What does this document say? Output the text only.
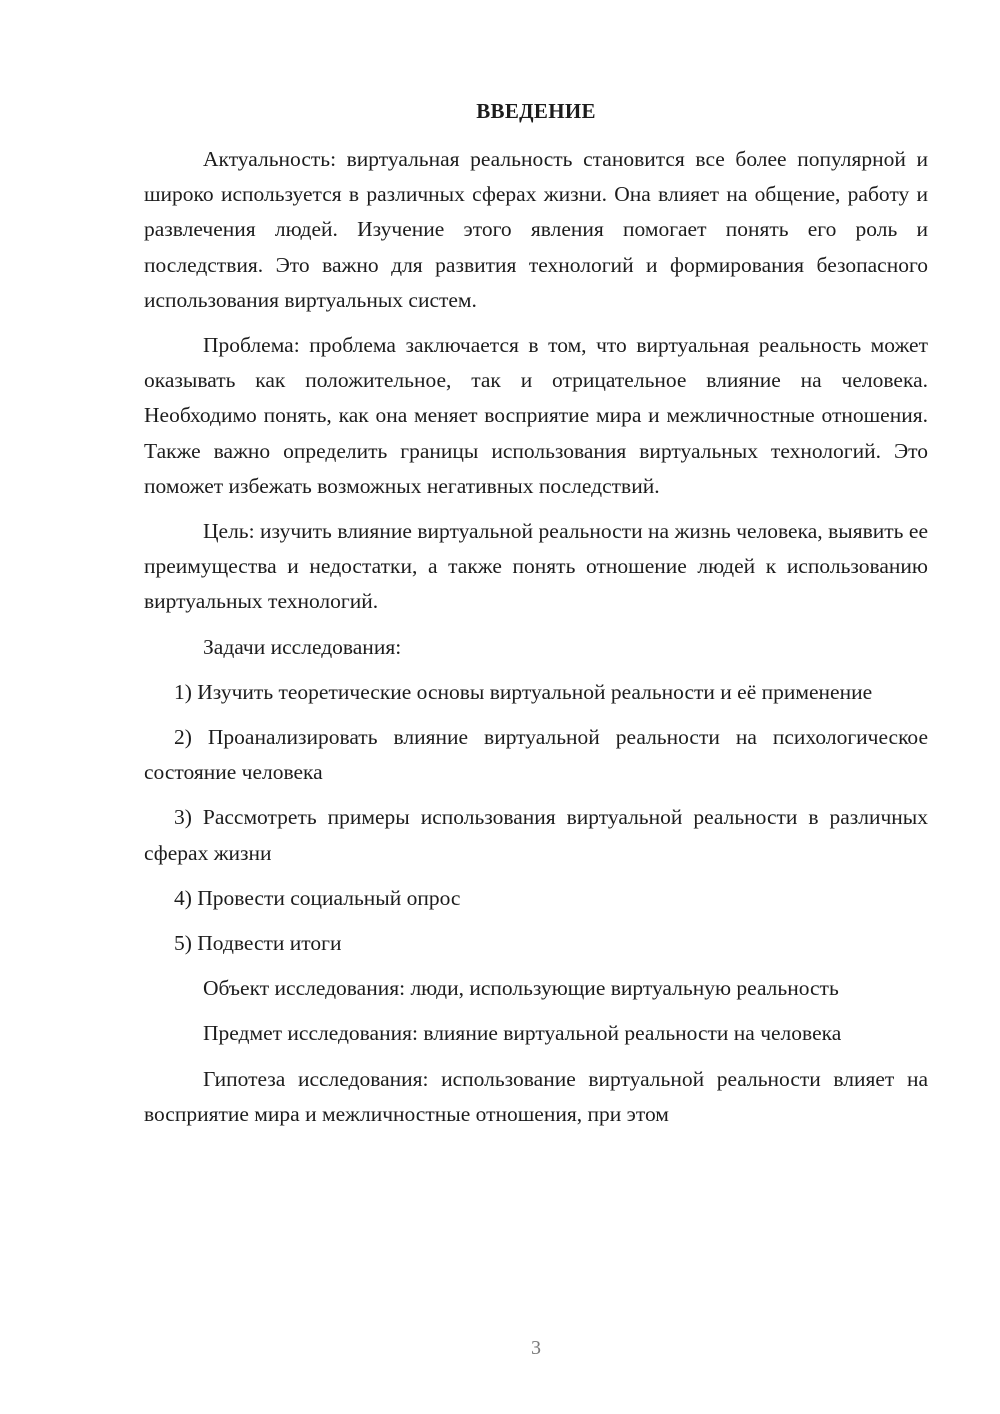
ВВЕДЕНИЕ

Актуальность: виртуальная реальность становится все более популярной и широко используется в различных сферах жизни. Она влияет на общение, работу и развлечения людей. Изучение этого явления помогает понять его роль и последствия. Это важно для развития технологий и формирования безопасного использования виртуальных систем.

Проблема: проблема заключается в том, что виртуальная реальность может оказывать как положительное, так и отрицательное влияние на человека. Необходимо понять, как она меняет восприятие мира и межличностные отношения. Также важно определить границы использования виртуальных технологий. Это поможет избежать возможных негативных последствий.

Цель: изучить влияние виртуальной реальности на жизнь человека, выявить ее преимущества и недостатки, а также понять отношение людей к использованию виртуальных технологий.

Задачи исследования:

1) Изучить теоретические основы виртуальной реальности и её применение

2) Проанализировать влияние виртуальной реальности на психологическое состояние человека

3) Рассмотреть примеры использования виртуальной реальности в различных сферах жизни

4) Провести социальный опрос

5) Подвести итоги

Объект исследования: люди, использующие виртуальную реальность

Предмет исследования: влияние виртуальной реальности на человека

Гипотеза исследования: использование виртуальной реальности влияет на восприятие мира и межличностные отношения, при этом

3
